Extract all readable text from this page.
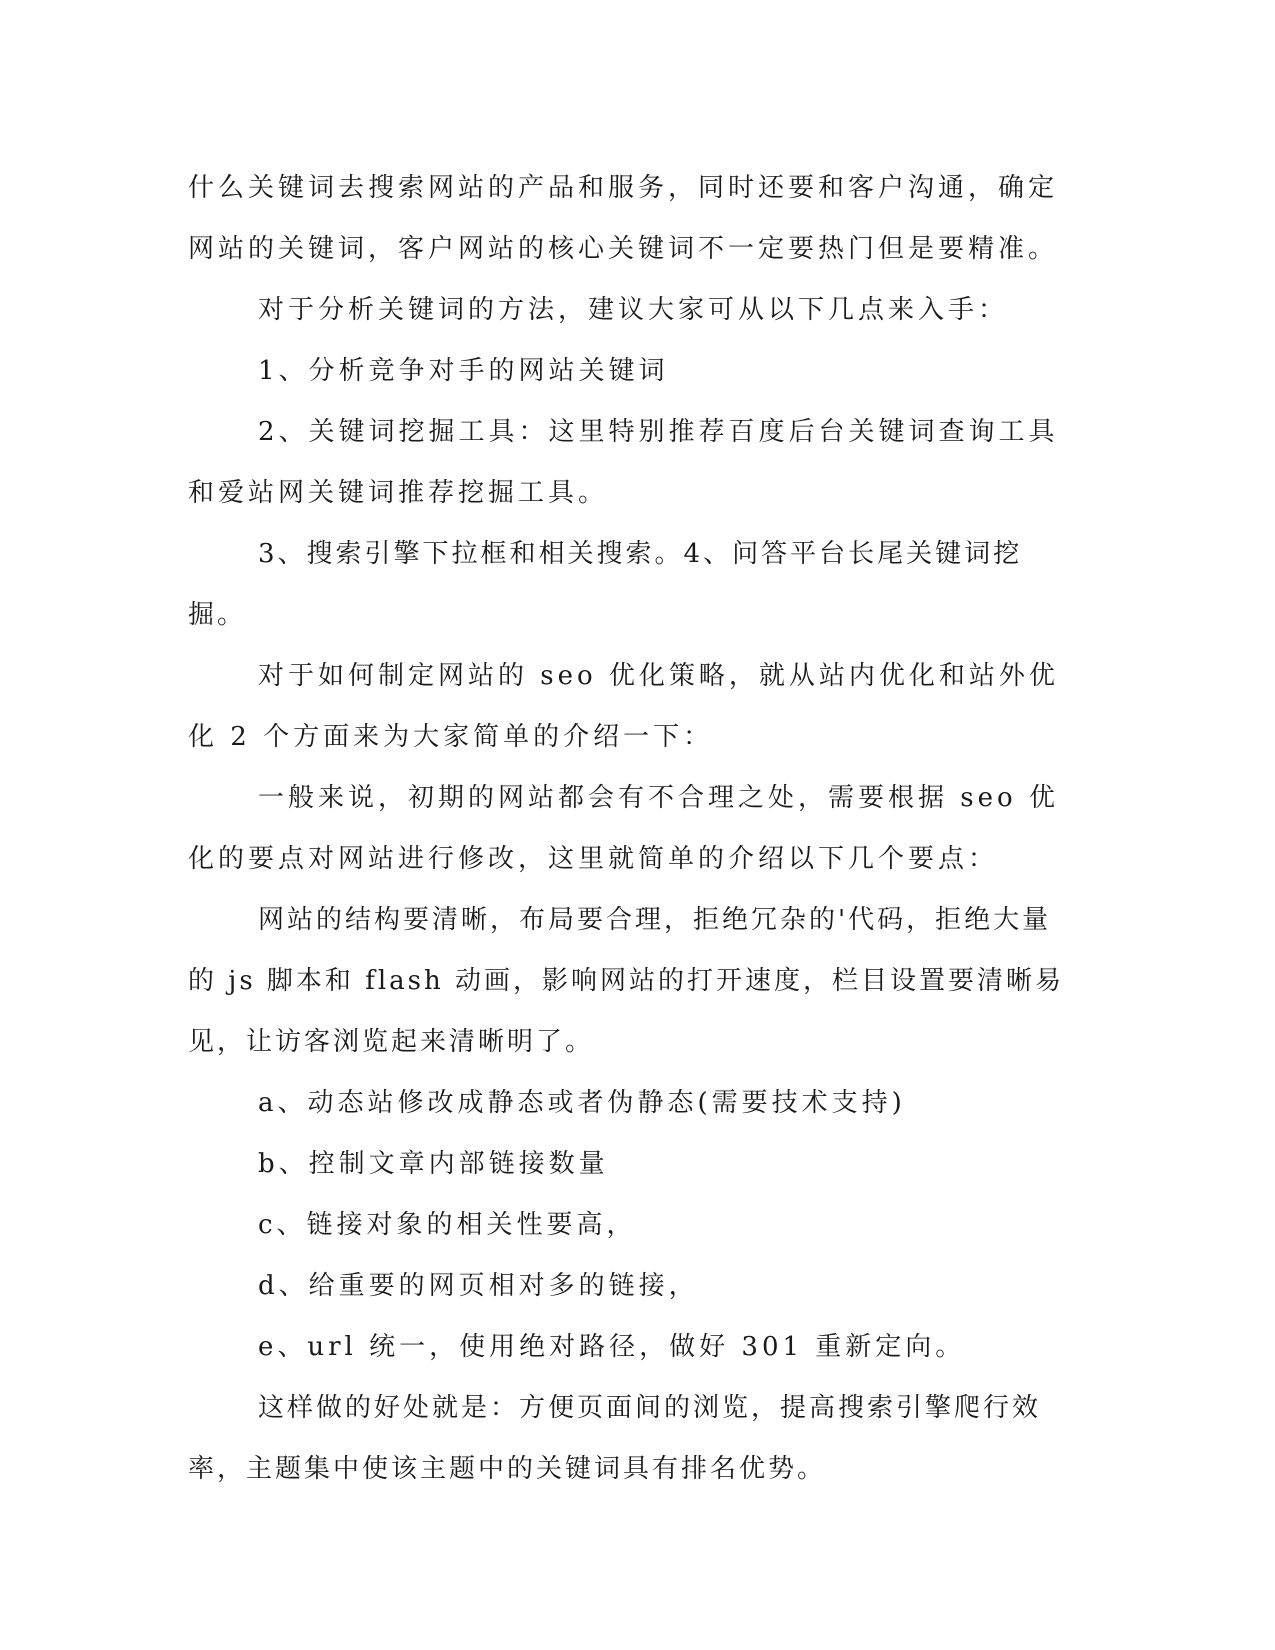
什么关键词去搜索网站的产品和服务，同时还要和客户沟通，确定网站的关键词，客户网站的核心关键词不一定要热门但是要精准。

对于分析关键词的方法，建议大家可从以下几点来入手：

1、分析竞争对手的网站关键词

2、关键词挖掘工具：这里特别推荐百度后台关键词查询工具和爱站网关键词推荐挖掘工具。

3、搜索引擎下拉框和相关搜索。4、问答平台长尾关键词挖掘。

对于如何制定网站的 seo 优化策略，就从站内优化和站外优化 2 个方面来为大家简单的介绍一下：

一般来说，初期的网站都会有不合理之处，需要根据 seo 优化的要点对网站进行修改，这里就简单的介绍以下几个要点：

网站的结构要清晰，布局要合理，拒绝冗杂的'代码，拒绝大量的 js 脚本和 flash 动画，影响网站的打开速度，栏目设置要清晰易见，让访客浏览起来清晰明了。

a、动态站修改成静态或者伪静态(需要技术支持)

b、控制文章内部链接数量

c、链接对象的相关性要高，

d、给重要的网页相对多的链接，

e、url 统一，使用绝对路径，做好 301 重新定向。

这样做的好处就是：方便页面间的浏览，提高搜索引擎爬行效率，主题集中使该主题中的关键词具有排名优势。
